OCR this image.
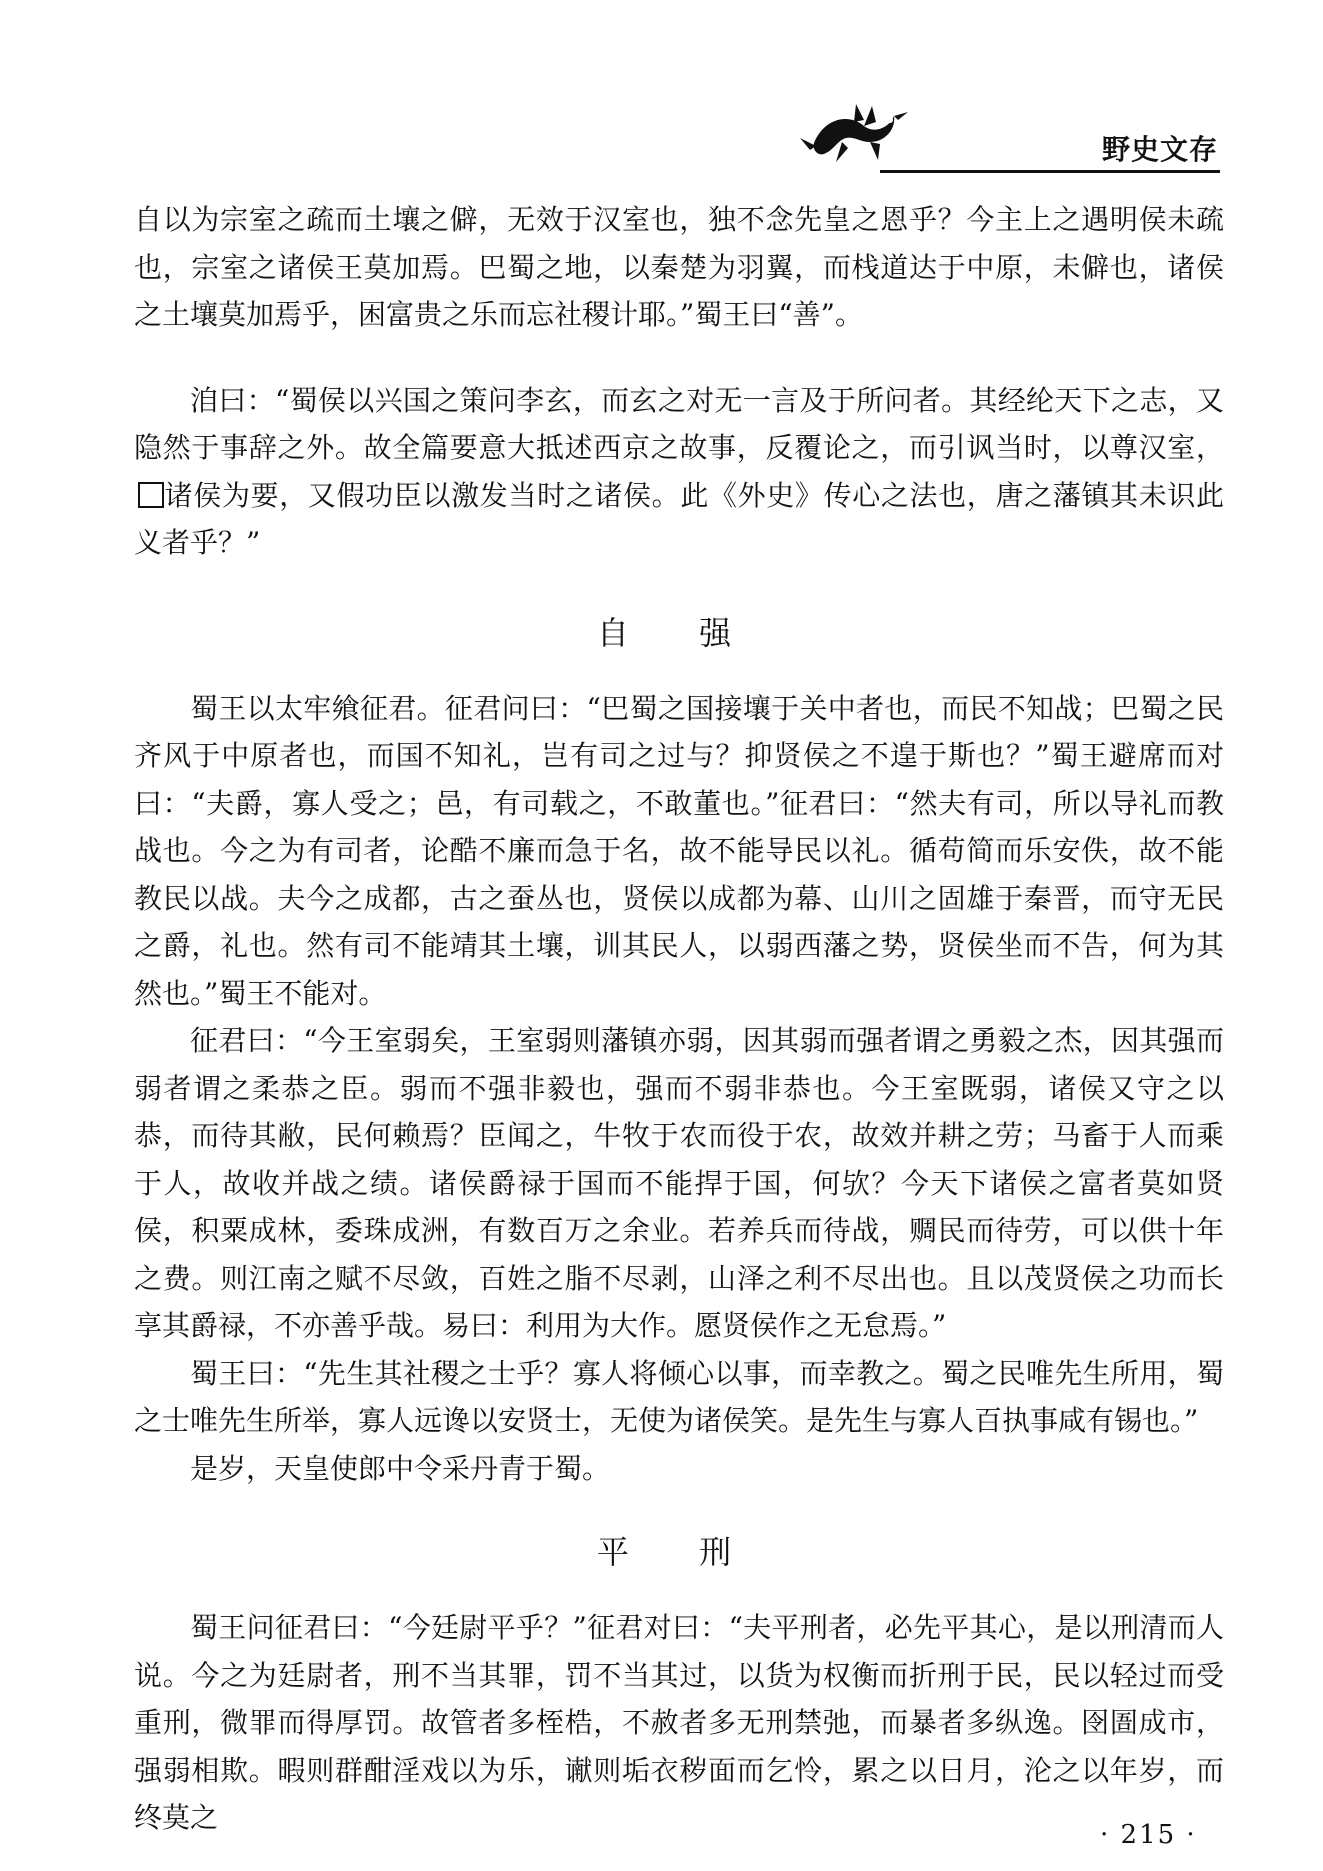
野史文存

自以为宗室之疏而土壤之僻，无效于汉室也，独不念先皇之恩乎？今主上之遇明侯未疏也，宗室之诸侯王莫加焉。巴蜀之地，以秦楚为羽翼，而栈道达于中原，未僻也，诸侯之土壤莫加焉乎，困富贵之乐而忘社稷计耶。”蜀王曰“善”。

洎曰：“蜀侯以兴国之策问李玄，而玄之对无一言及于所问者。其经纶天下之志，又隐然于事辞之外。故全篇要意大抵述西京之故事，反覆论之，而引讽当时，以尊汉室，诸侯为要，又假功臣以激发当时之诸侯。此《外史》传心之法也，唐之藩镇其未识此义者乎？”

自 强

蜀王以太牢飨征君。征君问曰：“巴蜀之国接壤于关中者也，而民不知战；巴蜀之民齐风于中原者也，而国不知礼，岂有司之过与？抑贤侯之不遑于斯也？”蜀王避席而对曰：“夫爵，寡人受之；邑，有司载之，不敢董也。”征君曰：“然夫有司，所以导礼而教战也。今之为有司者，论酷不廉而急于名，故不能导民以礼。循苟简而乐安佚，故不能教民以战。夫今之成都，古之蚕丛也，贤侯以成都为幕、山川之固雄于秦晋，而守无民之爵，礼也。然有司不能靖其土壤，训其民人，以弱西藩之势，贤侯坐而不告，何为其然也。”蜀王不能对。

征君曰：“今王室弱矣，王室弱则藩镇亦弱，因其弱而强者谓之勇毅之杰，因其强而弱者谓之柔恭之臣。弱而不强非毅也，强而不弱非恭也。今王室既弱，诸侯又守之以恭，而待其敝，民何赖焉？臣闻之，牛牧于农而役于农，故效并耕之劳；马畜于人而乘于人，故收并战之绩。诸侯爵禄于国而不能捍于国，何欤？今天下诸侯之富者莫如贤侯，积粟成林，委珠成洲，有数百万之余业。若养兵而待战，赒民而待劳，可以供十年之费。则江南之赋不尽敛，百姓之脂不尽剥，山泽之利不尽出也。且以茂贤侯之功而长享其爵禄，不亦善乎哉。易曰：利用为大作。愿贤侯作之无怠焉。”

蜀王曰：“先生其社稷之士乎？寡人将倾心以事，而幸教之。蜀之民唯先生所用，蜀之士唯先生所举，寡人远谗以安贤士，无使为诸侯笑。是先生与寡人百执事咸有锡也。”

是岁，天皇使郎中令采丹青于蜀。

平 刑

蜀王问征君曰：“今廷尉平乎？”征君对曰：“夫平刑者，必先平其心，是以刑清而人说。今之为廷尉者，刑不当其罪，罚不当其过，以货为权衡而折刑于民，民以轻过而受重刑，微罪而得厚罚。故管者多桎梏，不赦者多无刑禁弛，而暴者多纵逸。囹圄成市，强弱相欺。暇则群酣淫戏以为乐，谳则垢衣秽面而乞怜，累之以日月，沦之以年岁，而终莫之

· 215 ·
